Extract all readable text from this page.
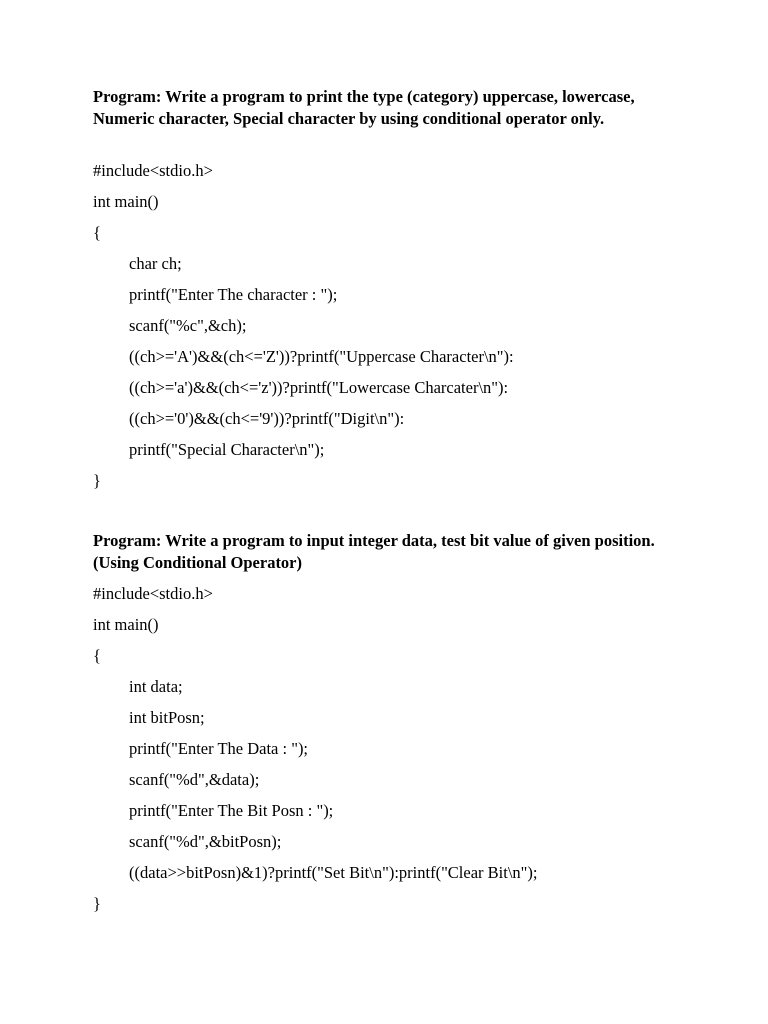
Program: Write a program to print the type (category) uppercase, lowercase, Numeric character, Special character by using conditional operator only.

#include<stdio.h>
int main()
{
char ch;
printf("Enter The character : ");
scanf("%c",&ch);
((ch>='A')&&(ch<='Z'))?printf("Uppercase Character\n"):
((ch>='a')&&(ch<='z'))?printf("Lowercase Charcater\n"):
((ch>='0')&&(ch<='9'))?printf("Digit\n"):
printf("Special Character\n");
}

Program: Write a program to input integer data, test bit value of given position. (Using Conditional Operator)

#include<stdio.h>
int main()
{
int data;
int bitPosn;
printf("Enter The Data : ");
scanf("%d",&data);
printf("Enter The Bit Posn : ");
scanf("%d",&bitPosn);
((data>>bitPosn)&1)?printf("Set Bit\n"):printf("Clear Bit\n");
}
